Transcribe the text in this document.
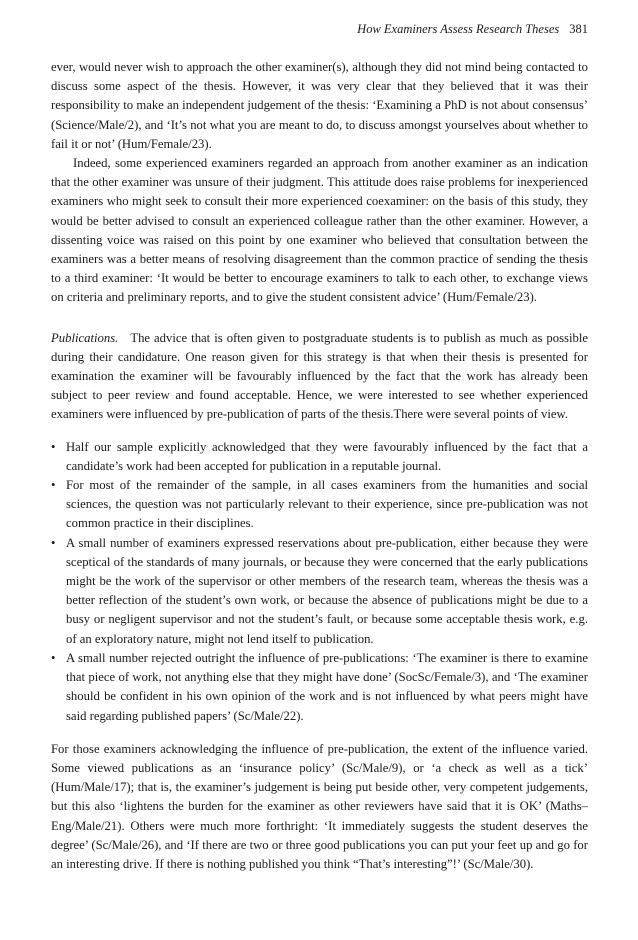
How Examiners Assess Research Theses 381

ever, would never wish to approach the other examiner(s), although they did not mind being contacted to discuss some aspect of the thesis. However, it was very clear that they believed that it was their responsibility to make an independent judgement of the thesis: ‘Examining a PhD is not about consensus’ (Science/Male/2), and ‘It’s not what you are meant to do, to discuss amongst yourselves about whether to fail it or not’ (Hum/Female/23).

Indeed, some experienced examiners regarded an approach from another examiner as an indication that the other examiner was unsure of their judgment. This attitude does raise problems for inexperienced examiners who might seek to consult their more experienced coexaminer: on the basis of this study, they would be better advised to consult an experienced colleague rather than the other examiner. However, a dissenting voice was raised on this point by one examiner who believed that consultation between the examiners was a better means of resolving disagreement than the common practice of sending the thesis to a third examiner: ‘It would be better to encourage examiners to talk to each other, to exchange views on criteria and preliminary reports, and to give the student consistent advice’ (Hum/Female/23).

Publications. The advice that is often given to postgraduate students is to publish as much as possible during their candidature. One reason given for this strategy is that when their thesis is presented for examination the examiner will be favourably influenced by the fact that the work has already been subject to peer review and found acceptable. Hence, we were interested to see whether experienced examiners were influenced by pre-publication of parts of the thesis.There were several points of view.

• Half our sample explicitly acknowledged that they were favourably influenced by the fact that a candidate’s work had been accepted for publication in a reputable journal.
• For most of the remainder of the sample, in all cases examiners from the humanities and social sciences, the question was not particularly relevant to their experience, since pre-publication was not common practice in their disciplines.
• A small number of examiners expressed reservations about pre-publication, either because they were sceptical of the standards of many journals, or because they were concerned that the early publications might be the work of the supervisor or other members of the research team, whereas the thesis was a better reflection of the student’s own work, or because the absence of publications might be due to a busy or negligent supervisor and not the student’s fault, or because some acceptable thesis work, e.g. of an exploratory nature, might not lend itself to publication.
• A small number rejected outright the influence of pre-publications: ‘The examiner is there to examine that piece of work, not anything else that they might have done’ (SocSc/Female/3), and ‘The examiner should be confident in his own opinion of the work and is not influenced by what peers might have said regarding published papers’ (Sc/Male/22).

For those examiners acknowledging the influence of pre-publication, the extent of the influence varied. Some viewed publications as an ‘insurance policy’ (Sc/Male/9), or ‘a check as well as a tick’ (Hum/Male/17); that is, the examiner’s judgement is being put beside other, very competent judgements, but this also ‘lightens the burden for the examiner as other reviewers have said that it is OK’ (Maths–Eng/Male/21). Others were much more forthright: ‘It immediately suggests the student deserves the degree’ (Sc/Male/26), and ‘If there are two or three good publications you can put your feet up and go for an interesting drive. If there is nothing published you think “That’s interesting”!’ (Sc/Male/30).
